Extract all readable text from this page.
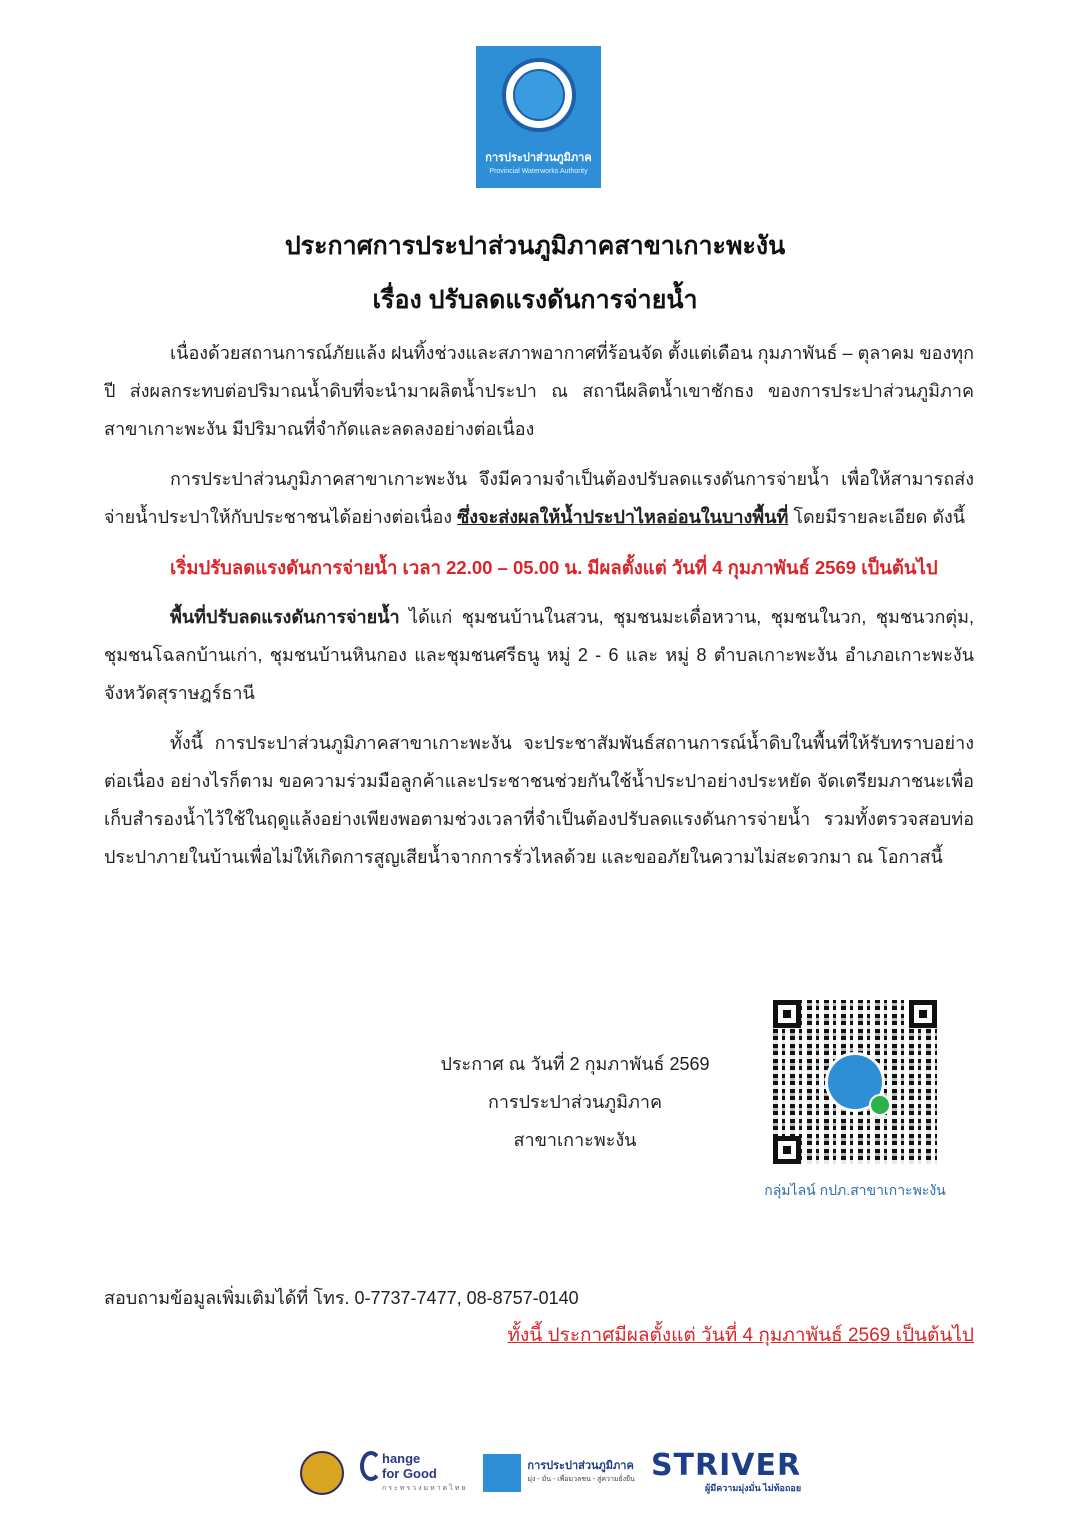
การประปาส่วนภูมิภาค
Provincial Waterworks Authority
ประกาศการประปาส่วนภูมิภาคสาขาเกาะพะงัน
เรื่อง ปรับลดแรงดันการจ่ายน้ำ
เนื่องด้วยสถานการณ์ภัยแล้ง ฝนทิ้งช่วงและสภาพอากาศที่ร้อนจัด ตั้งแต่เดือน กุมภาพันธ์ – ตุลาคม ของทุกปี ส่งผลกระทบต่อปริมาณน้ำดิบที่จะนำมาผลิตน้ำประปา ณ สถานีผลิตน้ำเขาชักธง ของการประปาส่วนภูมิภาคสาขาเกาะพะงัน มีปริมาณที่จำกัดและลดลงอย่างต่อเนื่อง
การประปาส่วนภูมิภาคสาขาเกาะพะงัน จึงมีความจำเป็นต้องปรับลดแรงดันการจ่ายน้ำ เพื่อให้สามารถส่งจ่ายน้ำประปาให้กับประชาชนได้อย่างต่อเนื่อง ซึ่งจะส่งผลให้น้ำประปาไหลอ่อนในบางพื้นที่ โดยมีรายละเอียด ดังนี้
เริ่มปรับลดแรงดันการจ่ายน้ำ เวลา 22.00 – 05.00 น. มีผลตั้งแต่ วันที่ 4 กุมภาพันธ์ 2569 เป็นต้นไป
พื้นที่ปรับลดแรงดันการจ่ายน้ำ ได้แก่ ชุมชนบ้านในสวน, ชุมชนมะเดื่อหวาน, ชุมชนในวก, ชุมชนวกตุ่ม, ชุมชนโฉลกบ้านเก่า, ชุมชนบ้านหินกอง และชุมชนศรีธนู หมู่ 2 - 6 และ หมู่ 8 ตำบลเกาะพะงัน อำเภอเกาะพะงัน จังหวัดสุราษฎร์ธานี
ทั้งนี้ การประปาส่วนภูมิภาคสาขาเกาะพะงัน จะประชาสัมพันธ์สถานการณ์น้ำดิบในพื้นที่ให้รับทราบอย่างต่อเนื่อง อย่างไรก็ตาม ขอความร่วมมือลูกค้าและประชาชนช่วยกันใช้น้ำประปาอย่างประหยัด จัดเตรียมภาชนะเพื่อเก็บสำรองน้ำไว้ใช้ในฤดูแล้งอย่างเพียงพอตามช่วงเวลาที่จำเป็นต้องปรับลดแรงดันการจ่ายน้ำ รวมทั้งตรวจสอบท่อประปาภายในบ้านเพื่อไม่ให้เกิดการสูญเสียน้ำจากการรั่วไหลด้วย และขออภัยในความไม่สะดวกมา ณ โอกาสนี้
ประกาศ ณ วันที่ 2 กุมภาพันธ์ 2569
การประปาส่วนภูมิภาค
สาขาเกาะพะงัน
กลุ่มไลน์ กปภ.สาขาเกาะพะงัน
สอบถามข้อมูลเพิ่มเติมได้ที่ โทร. 0-7737-7477, 08-8757-0140
ทั้งนี้ ประกาศมีผลตั้งแต่ วันที่ 4 กุมภาพันธ์ 2569 เป็นต้นไป
hange
for Good
กระทรวงมหาดไทย
การประปาส่วนภูมิภาค
มุ่ง - มั่น - เพื่อมวลชน - สู่ความยั่งยืน STRIVER
ผู้มีความมุ่งมั่น ไม่ท้อถอย
